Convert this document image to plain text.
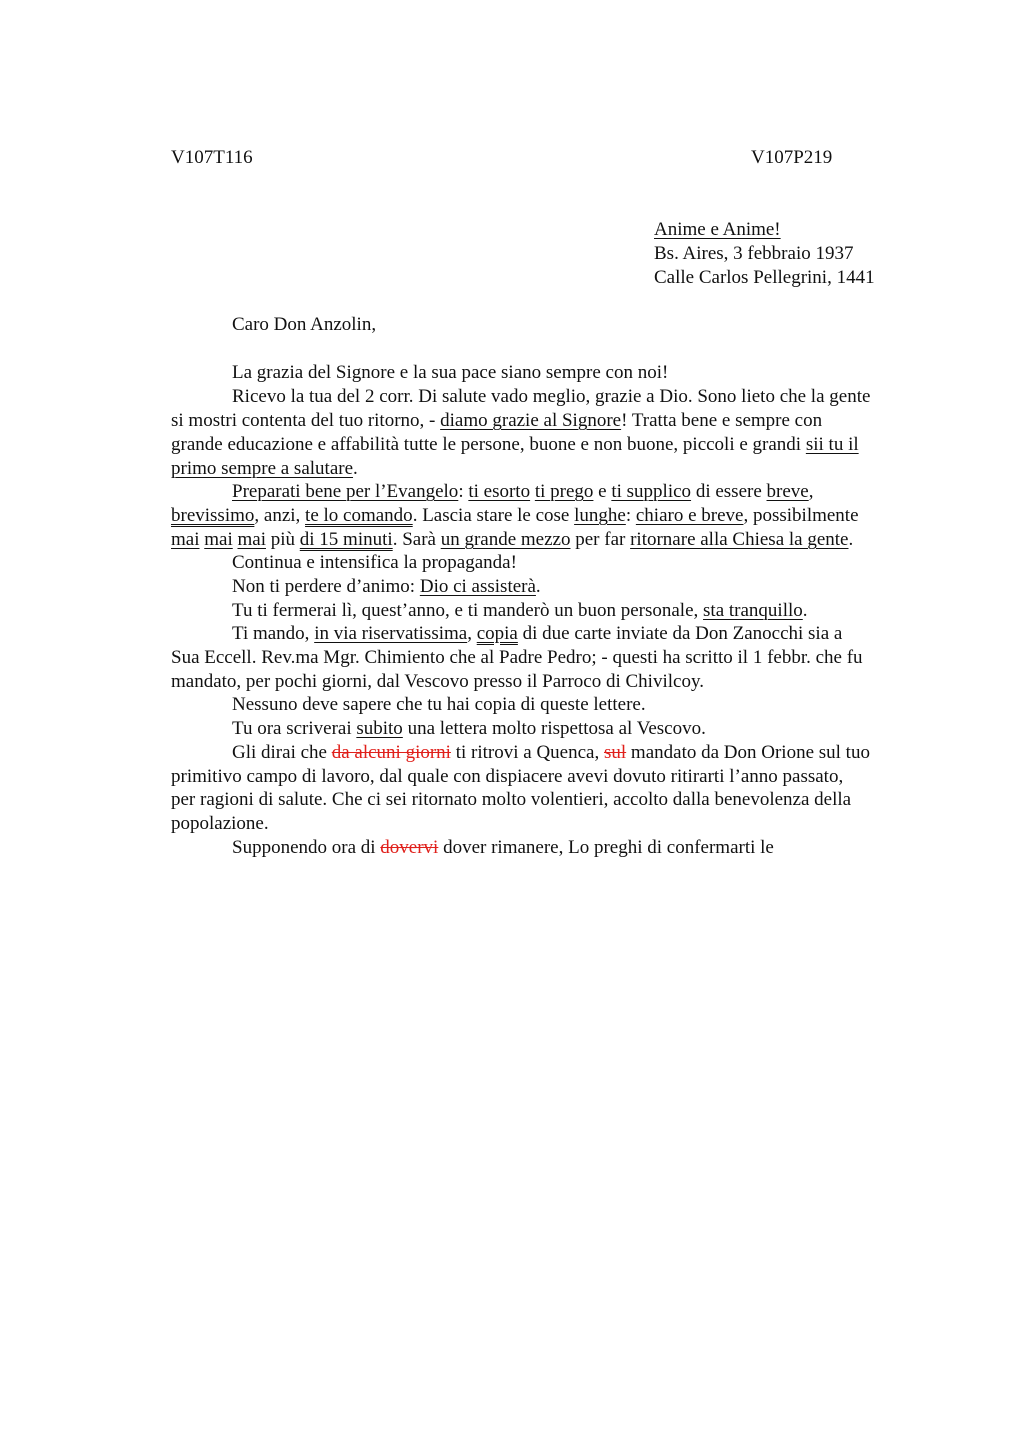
V107T116	V107P219
Anime e Anime!
Bs. Aires, 3 febbraio 1937
Calle Carlos Pellegrini, 1441
Caro Don Anzolin,
La grazia del Signore e la sua pace siano sempre con noi!
Ricevo la tua del 2 corr. Di salute vado meglio, grazie a Dio. Sono lieto che la gente
si mostri contenta del tuo ritorno, - diamo grazie al Signore! Tratta bene e sempre con
grande educazione e affabilità tutte le persone, buone e non buone, piccoli e grandi sii tu il
primo sempre a salutare.
Preparati bene per l’Evangelo: ti esorto ti prego e ti supplico di essere breve,
brevissimo, anzi, te lo comando. Lascia stare le cose lunghe: chiaro e breve, possibilmente
mai mai mai più di 15 minuti. Sarà un grande mezzo per far ritornare alla Chiesa la gente.
Continua e intensifica la propaganda!
Non ti perdere d’animo: Dio ci assisterà.
Tu ti fermerai lì, quest’anno, e ti manderò un buon personale, sta tranquillo.
Ti mando, in via riservatissima, copia di due carte inviate da Don Zanocchi sia a
Sua Eccell. Rev.ma Mgr. Chimiento che al Padre Pedro; - questi ha scritto il 1 febbr. che fu
mandato, per pochi giorni, dal Vescovo presso il Parroco di Chivilcoy.
Nessuno deve sapere che tu hai copia di queste lettere.
Tu ora scriverai subito una lettera molto rispettosa al Vescovo.
Gli dirai che da alcuni giorni ti ritrovi a Quenca, sul mandato da Don Orione sul tuo
primitivo campo di lavoro, dal quale con dispiacere avevi dovuto ritirarti l’anno passato,
per ragioni di salute. Che ci sei ritornato molto volentieri, accolto dalla benevolenza della
popolazione.
Supponendo ora di dovervi dover rimanere, Lo preghi di confermarti le
